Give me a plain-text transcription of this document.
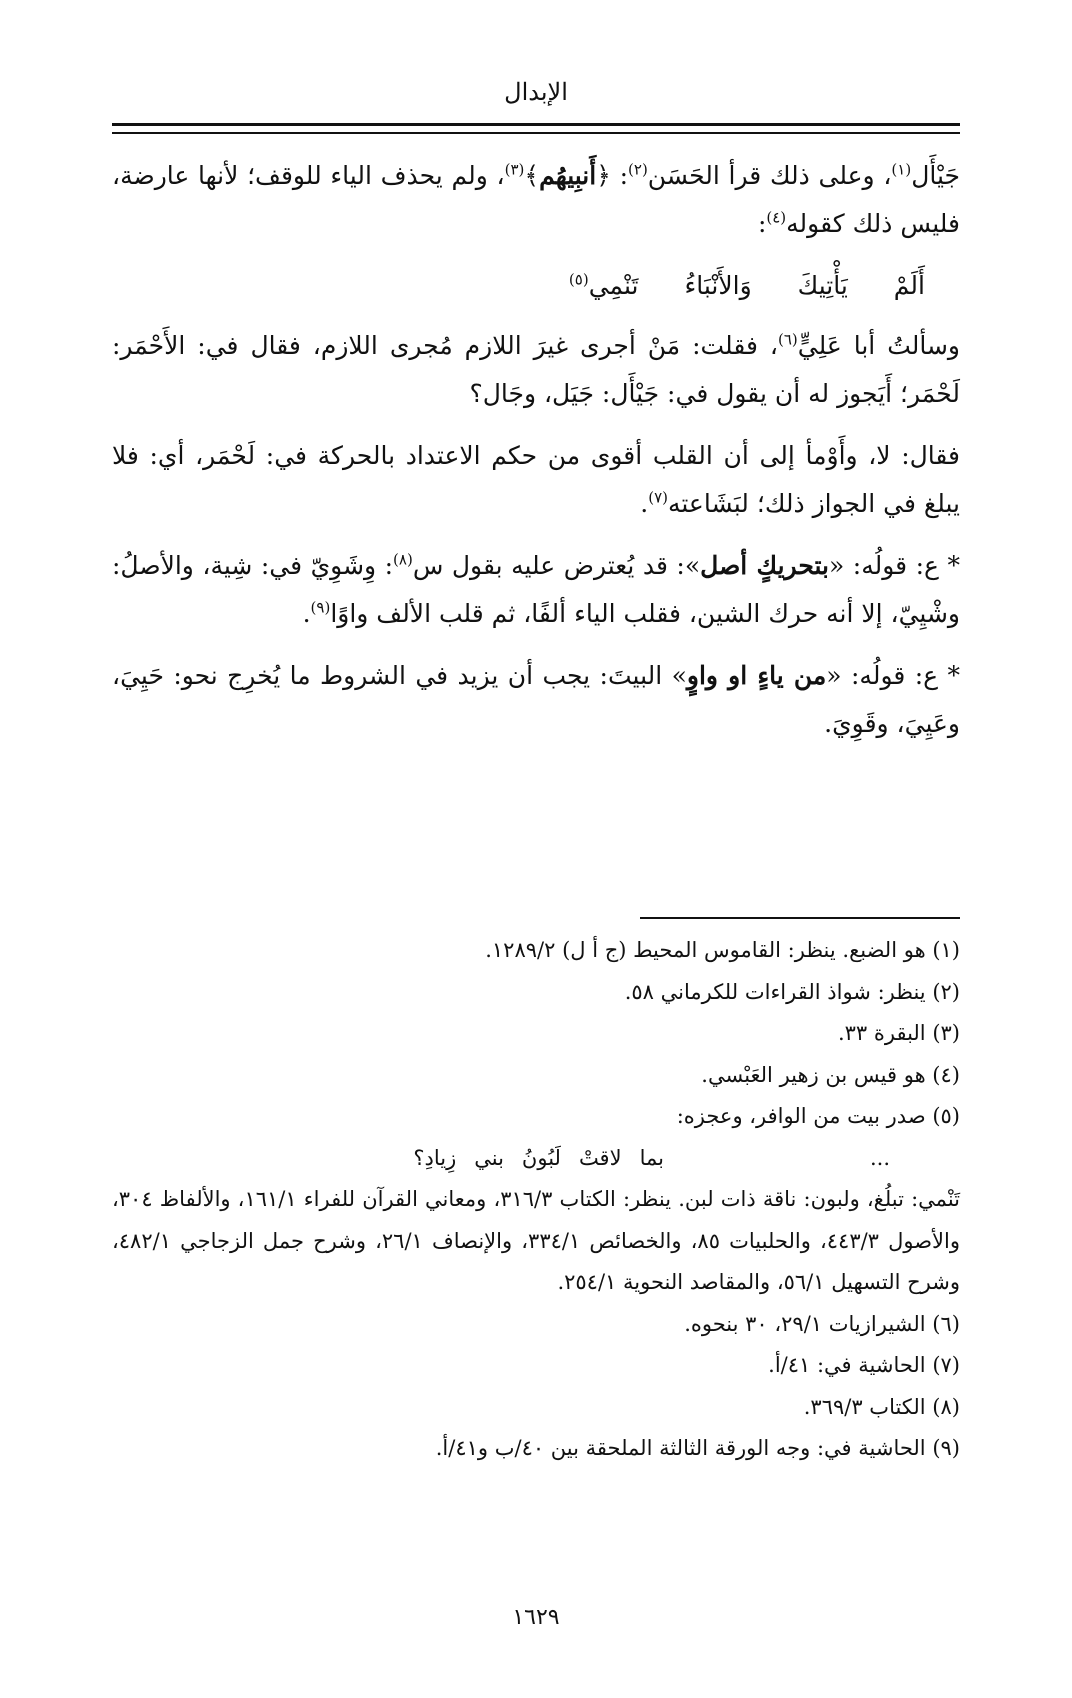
الإبدال

جَيْأَل$^{(١)}$، وعلى ذلك قرأ الحَسَن$^{(٢)}$: ﴿أَنبِيهُم﴾$^{(٣)}$، ولم يحذف الياء للوقف؛ لأنها عارضة، فليس ذلك كقوله$^{(٤)}$:

أَلَمْ
يَأْتِيكَ
وَالأَنْبَاءُ
تَنْمِي$^{(٥)}$

وسألتُ أبا عَلِيٍّ$^{(٦)}$، فقلت: مَنْ أجرى غيرَ اللازم مُجرى اللازم، فقال في: الأَحْمَر: لَحْمَر؛ أَيَجوز له أن يقول في: جَيْأَل: جَيَل، وجَال؟

فقال: لا، وأَوْمأ إلى أن القلب أقوى من حكم الاعتداد بالحركة في: لَحْمَر، أي: فلا يبلغ في الجواز ذلك؛ لبَشَاعته$^{(٧)}$.

* ع: قولُه: «بتحريكٍ أصل»: قد يُعترض عليه بقول س$^{(٨)}$: وِشَوِيّ في: شِية، والأصلُ: وشْيِيّ، إلا أنه حرك الشين، فقلب الياء ألفًا، ثم قلب الألف واوًا$^{(٩)}$.

* ع: قولُه: «من ياءٍ او واوٍ» البيتَ: يجب أن يزيد في الشروط ما يُخرِج نحو: حَيِيَ، وعَيِيَ، وقَوِيَ.

(١) هو الضبع. ينظر: القاموس المحيط (ج أ ل) ١٢٨٩/٢.

(٢) ينظر: شواذ القراءات للكرماني ٥٨.

(٣) البقرة ٣٣.

(٤) هو قيس بن زهير العَبْسي.

(٥) صدر بيت من الوافر، وعجزه:

...
بما
لاقتْ
لَبُونُ
بني
زِيادِ؟

تَنْمي: تبلُغ، ولبون: ناقة ذات لبن. ينظر: الكتاب ٣١٦/٣، ومعاني القرآن للفراء ١٦١/١، والألفاظ ٣٠٤، والأصول ٤٤٣/٣، والحلبيات ٨٥، والخصائص ٣٣٤/١، والإنصاف ٢٦/١، وشرح جمل الزجاجي ٤٨٢/١، وشرح التسهيل ٥٦/١، والمقاصد النحوية ٢٥٤/١.

(٦) الشيرازيات ٢٩/١، ٣٠ بنحوه.

(٧) الحاشية في: ٤١/أ.

(٨) الكتاب ٣٦٩/٣.

(٩) الحاشية في: وجه الورقة الثالثة الملحقة بين ٤٠/ب و٤١/أ.

١٦٢٩
